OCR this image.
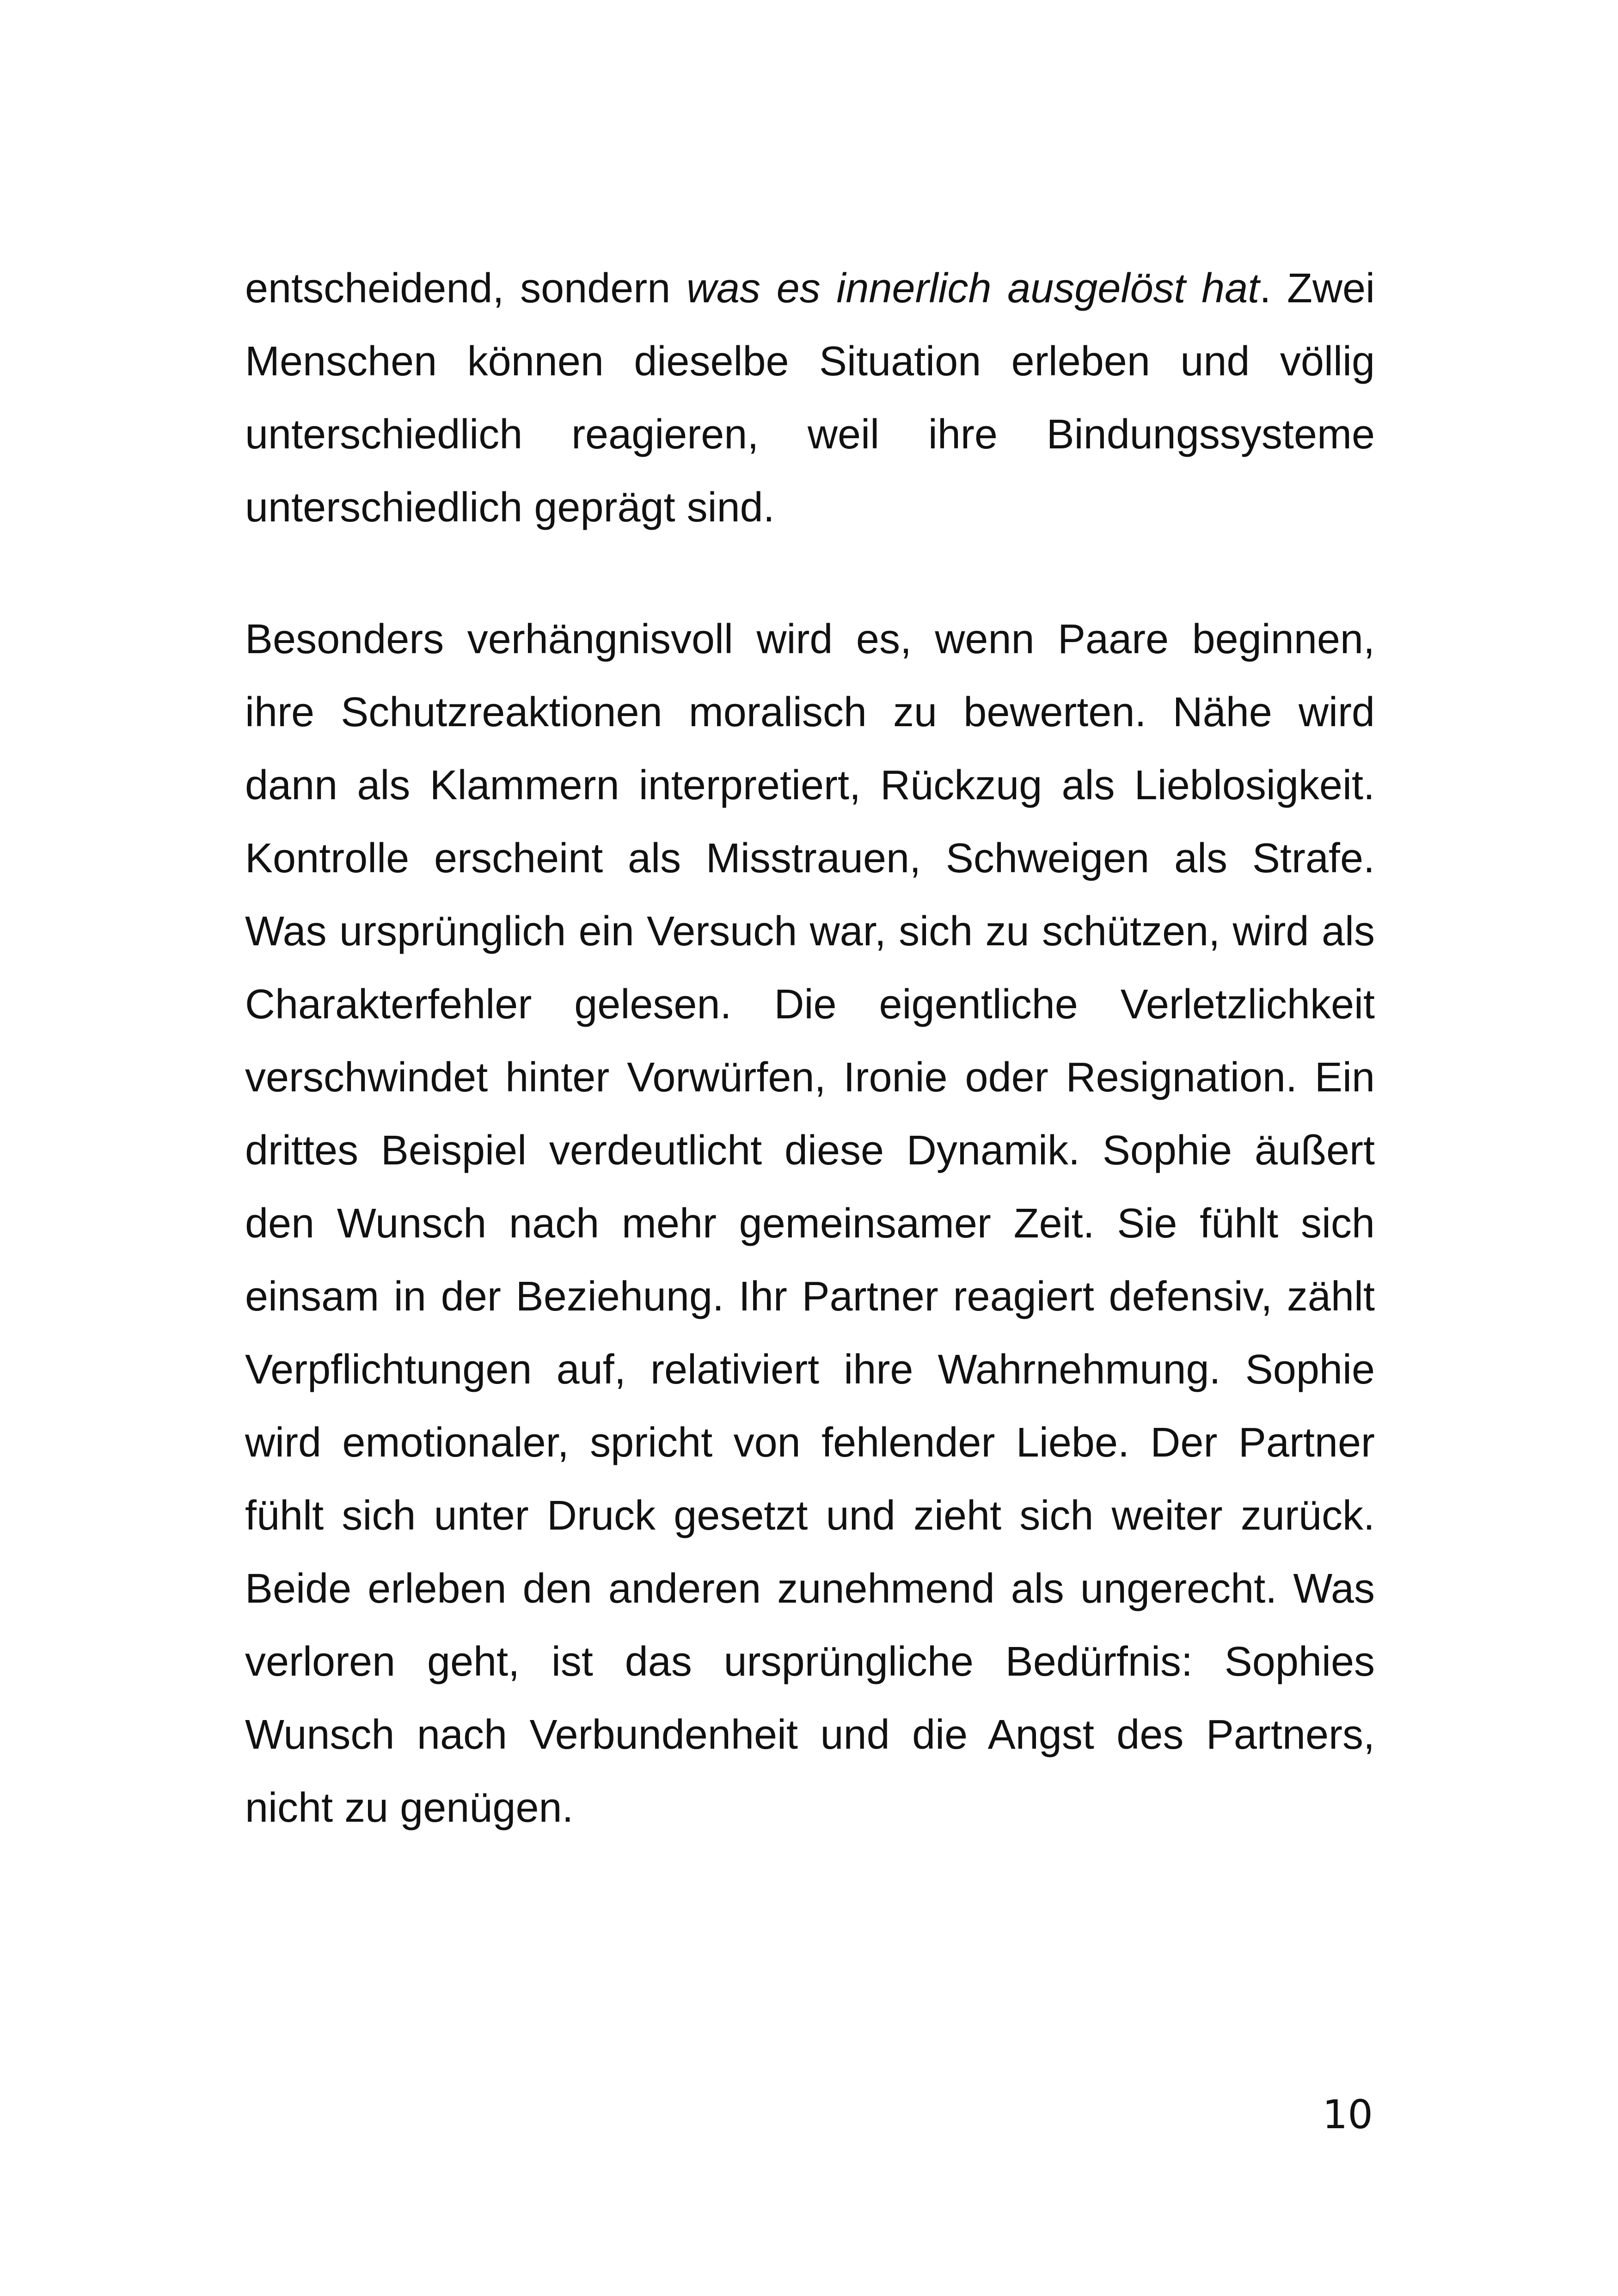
entscheidend, sondern was es innerlich ausgelöst hat. Zwei Menschen können dieselbe Situation erleben und völlig unterschiedlich reagieren, weil ihre Bindungssysteme unterschiedlich geprägt sind.

Besonders verhängnisvoll wird es, wenn Paare beginnen, ihre Schutzreaktionen moralisch zu bewerten. Nähe wird dann als Klammern interpretiert, Rückzug als Lieblosigkeit. Kontrolle erscheint als Misstrauen, Schweigen als Strafe. Was ursprünglich ein Versuch war, sich zu schützen, wird als Charakterfehler gelesen. Die eigentliche Verletzlichkeit verschwindet hinter Vorwürfen, Ironie oder Resignation. Ein drittes Beispiel verdeutlicht diese Dynamik. Sophie äußert den Wunsch nach mehr gemeinsamer Zeit. Sie fühlt sich einsam in der Beziehung. Ihr Partner reagiert defensiv, zählt Verpflichtungen auf, relativiert ihre Wahrnehmung. Sophie wird emotionaler, spricht von fehlender Liebe. Der Partner fühlt sich unter Druck gesetzt und zieht sich weiter zurück. Beide erleben den anderen zunehmend als ungerecht. Was verloren geht, ist das ursprüngliche Bedürfnis: Sophies Wunsch nach Verbundenheit und die Angst des Partners, nicht zu genügen.

10
